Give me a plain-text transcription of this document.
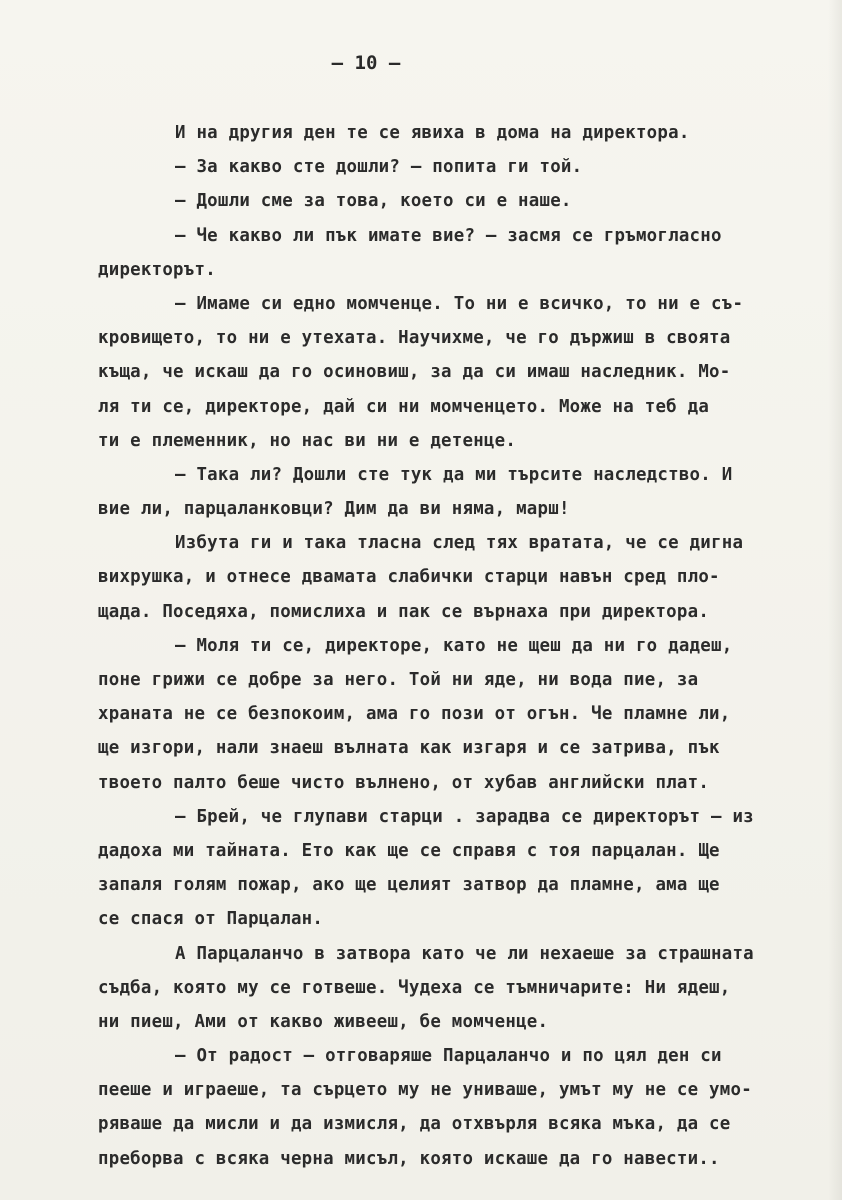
– 10 –
И на другия ден те се явиха в дома на директора.
– За какво сте дошли? – попита ги той.
– Дошли сме за това, което си е наше.
– Че какво ли пък имате вие? – засмя се гръмогласно
директорът.
– Имаме си едно момченце. То ни е всичко, то ни е съ-
кровището, то ни е утехата. Научихме, че го държиш в своята
къща, че искаш да го осиновиш, за да си имаш наследник. Мо-
ля ти се, директоре, дай си ни момченцето. Може на теб да
ти е племенник, но нас ви ни е детенце.
– Така ли? Дошли сте тук да ми търсите наследство. И
вие ли, парцаланковци? Дим да ви няма, марш!
Избута ги и така тласна след тях вратата, че се дигна
вихрушка, и отнесе двамата слабички старци навън сред пло-
щада. Поседяха, помислиха и пак се върнаха при директора.
– Моля ти се, директоре, като не щеш да ни го дадеш,
поне грижи се добре за него. Той ни яде, ни вода пие, за
храната не се безпокоим, ама го пози от огън. Че пламне ли,
ще изгори, нали знаеш вълната как изгаря и се затрива, пък
твоето палто беше чисто вълнено, от хубав английски плат.
– Брей, че глупави старци . зарадва се директорът – из
дадоха ми тайната. Ето как ще се справя с тоя парцалан. Ще
запаля голям пожар, ако ще целият затвор да пламне, ама ще
се спася от Парцалан.
А Парцаланчо в затвора като че ли нехаеше за страшната
съдба, която му се готвеше. Чудеха се тъмничарите: Ни ядеш,
ни пиеш, Ами от какво живееш, бе момченце.
– От радост – отговаряше Парцаланчо и по цял ден си
пееше и играеше, та сърцето му не униваше, умът му не се умо-
ряваше да мисли и да измисля, да отхвърля всяка мъка, да се
преборва с всяка черна мисъл, която искаше да го навести..
